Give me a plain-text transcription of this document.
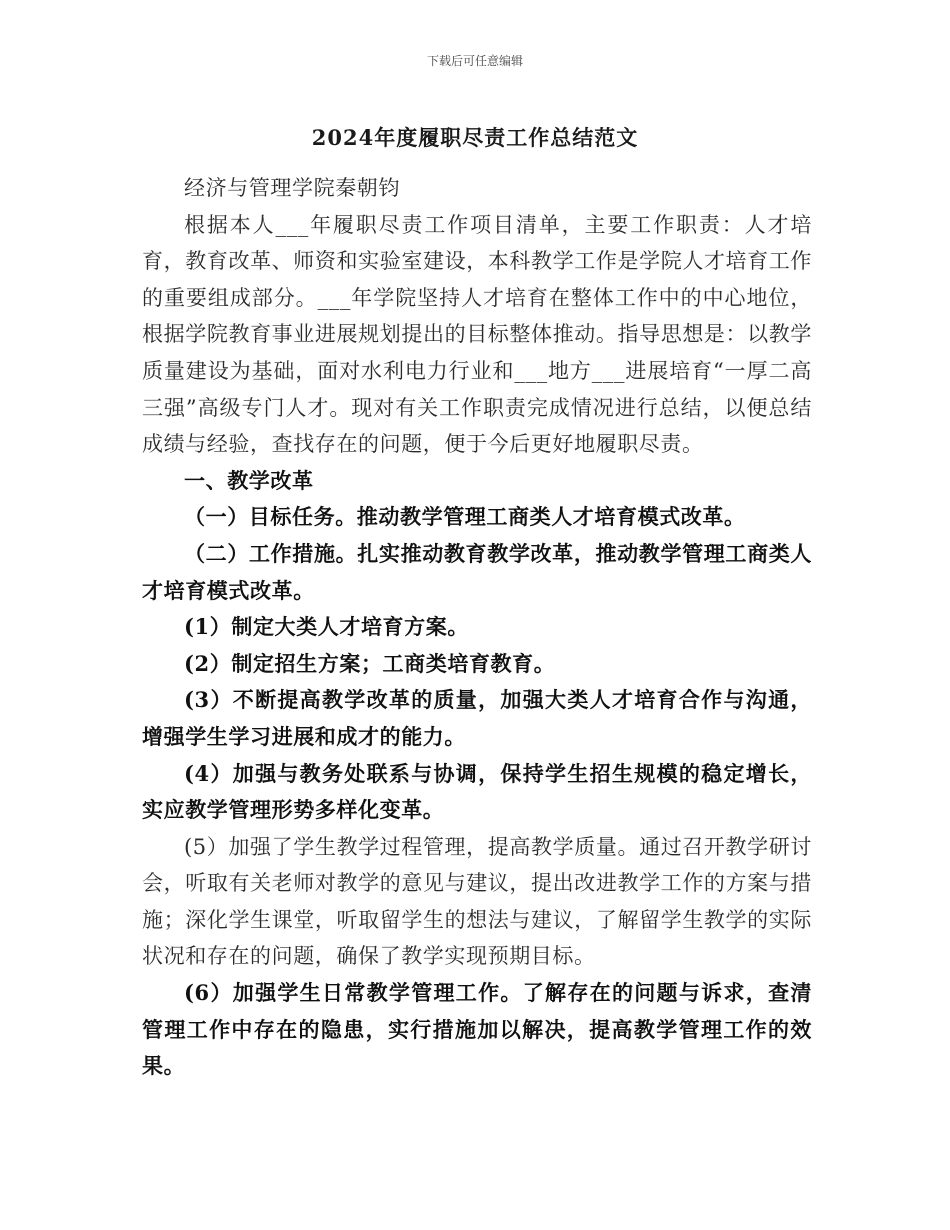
下载后可任意编辑
2024年度履职尽责工作总结范文

经济与管理学院秦朝钧

根据本人___年履职尽责工作项目清单，主要工作职责：人才培育，教育改革、师资和实验室建设，本科教学工作是学院人才培育工作的重要组成部分。___年学院坚持人才培育在整体工作中的中心地位，根据学院教育事业进展规划提出的目标整体推动。指导思想是：以教学质量建设为基础，面对水利电力行业和___地方___进展培育“一厚二高三强”高级专门人才。现对有关工作职责完成情况进行总结，以便总结成绩与经验，查找存在的问题，便于今后更好地履职尽责。

一、教学改革

（一）目标任务。推动教学管理工商类人才培育模式改革。

（二）工作措施。扎实推动教育教学改革，推动教学管理工商类人才培育模式改革。

(1）制定大类人才培育方案。

(2）制定招生方案；工商类培育教育。

(3）不断提高教学改革的质量，加强大类人才培育合作与沟通，增强学生学习进展和成才的能力。

(4）加强与教务处联系与协调，保持学生招生规模的稳定增长，实应教学管理形势多样化变革。

(5）加强了学生教学过程管理，提高教学质量。通过召开教学研讨会，听取有关老师对教学的意见与建议，提出改进教学工作的方案与措施；深化学生课堂，听取留学生的想法与建议，了解留学生教学的实际状况和存在的问题，确保了教学实现预期目标。

(6）加强学生日常教学管理工作。了解存在的问题与诉求，查清管理工作中存在的隐患，实行措施加以解决，提高教学管理工作的效果。
